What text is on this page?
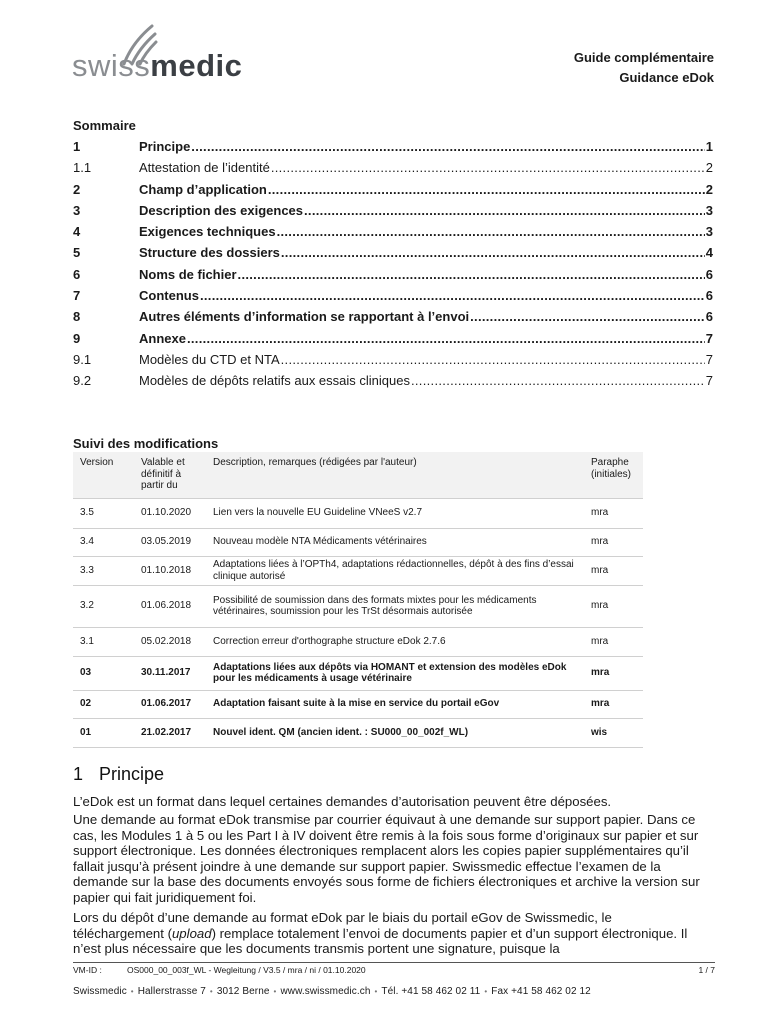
swissmedic	Guide complémentaire
Guidance eDok
Sommaire
1	Principe .....	1
1.1	Attestation de l’identité .....	2
2	Champ d’application .....	2
3	Description des exigences .....	3
4	Exigences techniques .....	3
5	Structure des dossiers .....	4
6	Noms de fichier .....	6
7	Contenus .....	6
8	Autres éléments d’information se rapportant à l’envoi .....	6
9	Annexe .....	7
9.1	Modèles du CTD et NTA .....	7
9.2	Modèles de dépôts relatifs aux essais cliniques .....	7
Suivi des modifications
Version	Valable et définitif à partir du	Description, remarques (rédigées par l'auteur)	Paraphe (initiales)
3.5	01.10.2020	Lien vers la nouvelle EU Guideline VNeeS v2.7	mra
3.4	03.05.2019	Nouveau modèle NTA Médicaments vétérinaires	mra
3.3	01.10.2018	Adaptations liées à l’OPTh4, adaptations rédactionnelles, dépôt à des fins d’essai clinique autorisé	mra
3.2	01.06.2018	Possibilité de soumission dans des formats mixtes pour les médicaments vétérinaires, soumission pour les TrSt désormais autorisée	mra
3.1	05.02.2018	Correction erreur d'orthographe structure eDok 2.7.6	mra
03	30.11.2017	Adaptations liées aux dépôts via HOMANT et extension des modèles eDok pour les médicaments à usage vétérinaire	mra
02	01.06.2017	Adaptation faisant suite à la mise en service du portail eGov	mra
01	21.02.2017	Nouvel ident. QM (ancien ident. : SU000_00_002f_WL)	wis
1 Principe
L’eDok est un format dans lequel certaines demandes d’autorisation peuvent être déposées.
Une demande au format eDok transmise par courrier équivaut à une demande sur support papier. Dans ce cas, les Modules 1 à 5 ou les Part I à IV doivent être remis à la fois sous forme d’originaux sur papier et sur support électronique. Les données électroniques remplacent alors les copies papier supplémentaires qu’il fallait jusqu’à présent joindre à une demande sur support papier. Swissmedic effectue l’examen de la demande sur la base des documents envoyés sous forme de fichiers électroniques et archive la version sur papier qui fait juridiquement foi.
Lors du dépôt d’une demande au format eDok par le biais du portail eGov de Swissmedic, le téléchargement (upload) remplace totalement l’envoi de documents papier et d’un support électronique. Il n’est plus nécessaire que les documents transmis portent une signature, puisque la
VM-ID :	OS000_00_003f_WL - Wegleitung / V3.5 / mra / ni / 01.10.2020	1 / 7
Swissmedic • Hallerstrasse 7 • 3012 Berne • www.swissmedic.ch • Tél. +41 58 462 02 11 • Fax +41 58 462 02 12
